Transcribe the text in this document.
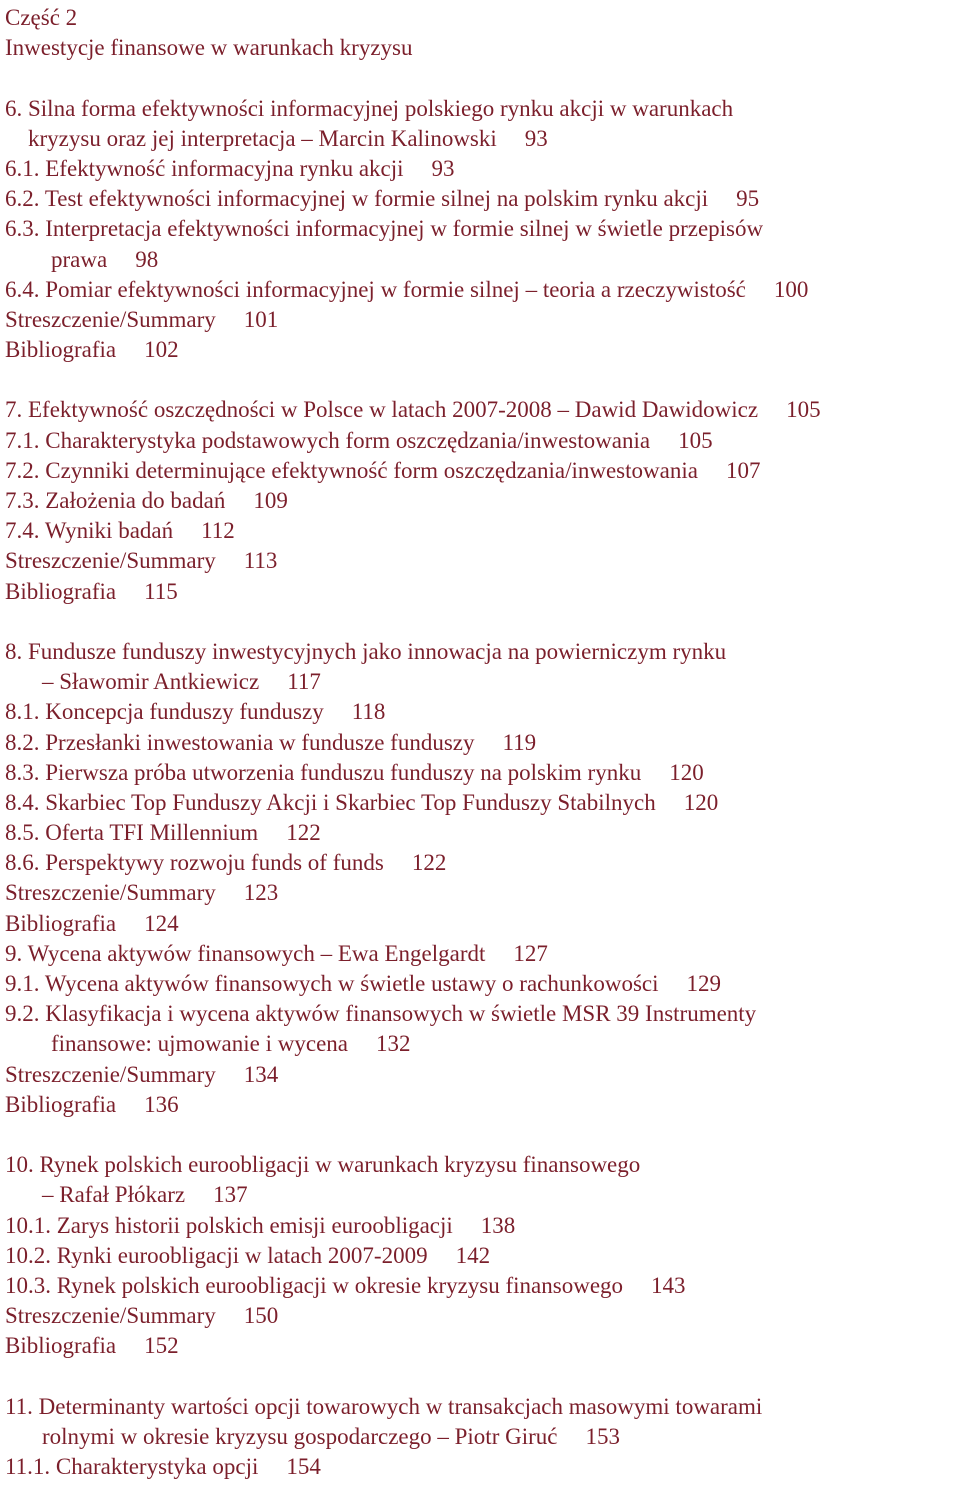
Część 2
Inwestycje finansowe w warunkach kryzysu
6. Silna forma efektywności informacyjnej polskiego rynku akcji w warunkach
kryzysu oraz jej interpretacja – Marcin Kalinowski 93
6.1. Efektywność informacyjna rynku akcji 93
6.2. Test efektywności informacyjnej w formie silnej na polskim rynku akcji 95
6.3. Interpretacja efektywności informacyjnej w formie silnej w świetle przepisów
prawa 98
6.4. Pomiar efektywności informacyjnej w formie silnej – teoria a rzeczywistość 100
Streszczenie/Summary 101
Bibliografia 102
7. Efektywność oszczędności w Polsce w latach 2007-2008 – Dawid Dawidowicz 105
7.1. Charakterystyka podstawowych form oszczędzania/inwestowania 105
7.2. Czynniki determinujące efektywność form oszczędzania/inwestowania 107
7.3. Założenia do badań 109
7.4. Wyniki badań 112
Streszczenie/Summary 113
Bibliografia 115
8. Fundusze funduszy inwestycyjnych jako innowacja na powierniczym rynku
– Sławomir Antkiewicz 117
8.1. Koncepcja funduszy funduszy 118
8.2. Przesłanki inwestowania w fundusze funduszy 119
8.3. Pierwsza próba utworzenia funduszu funduszy na polskim rynku 120
8.4. Skarbiec Top Funduszy Akcji i Skarbiec Top Funduszy Stabilnych 120
8.5. Oferta TFI Millennium 122
8.6. Perspektywy rozwoju funds of funds 122
Streszczenie/Summary 123
Bibliografia 124
9. Wycena aktywów finansowych – Ewa Engelgardt 127
9.1. Wycena aktywów finansowych w świetle ustawy o rachunkowości 129
9.2. Klasyfikacja i wycena aktywów finansowych w świetle MSR 39 Instrumenty
finansowe: ujmowanie i wycena 132
Streszczenie/Summary 134
Bibliografia 136
10. Rynek polskich euroobligacji w warunkach kryzysu finansowego
– Rafał Płókarz 137
10.1. Zarys historii polskich emisji euroobligacji 138
10.2. Rynki euroobligacji w latach 2007-2009 142
10.3. Rynek polskich euroobligacji w okresie kryzysu finansowego 143
Streszczenie/Summary 150
Bibliografia 152
11. Determinanty wartości opcji towarowych w transakcjach masowymi towarami
rolnymi w okresie kryzysu gospodarczego – Piotr Giruć 153
11.1. Charakterystyka opcji 154
